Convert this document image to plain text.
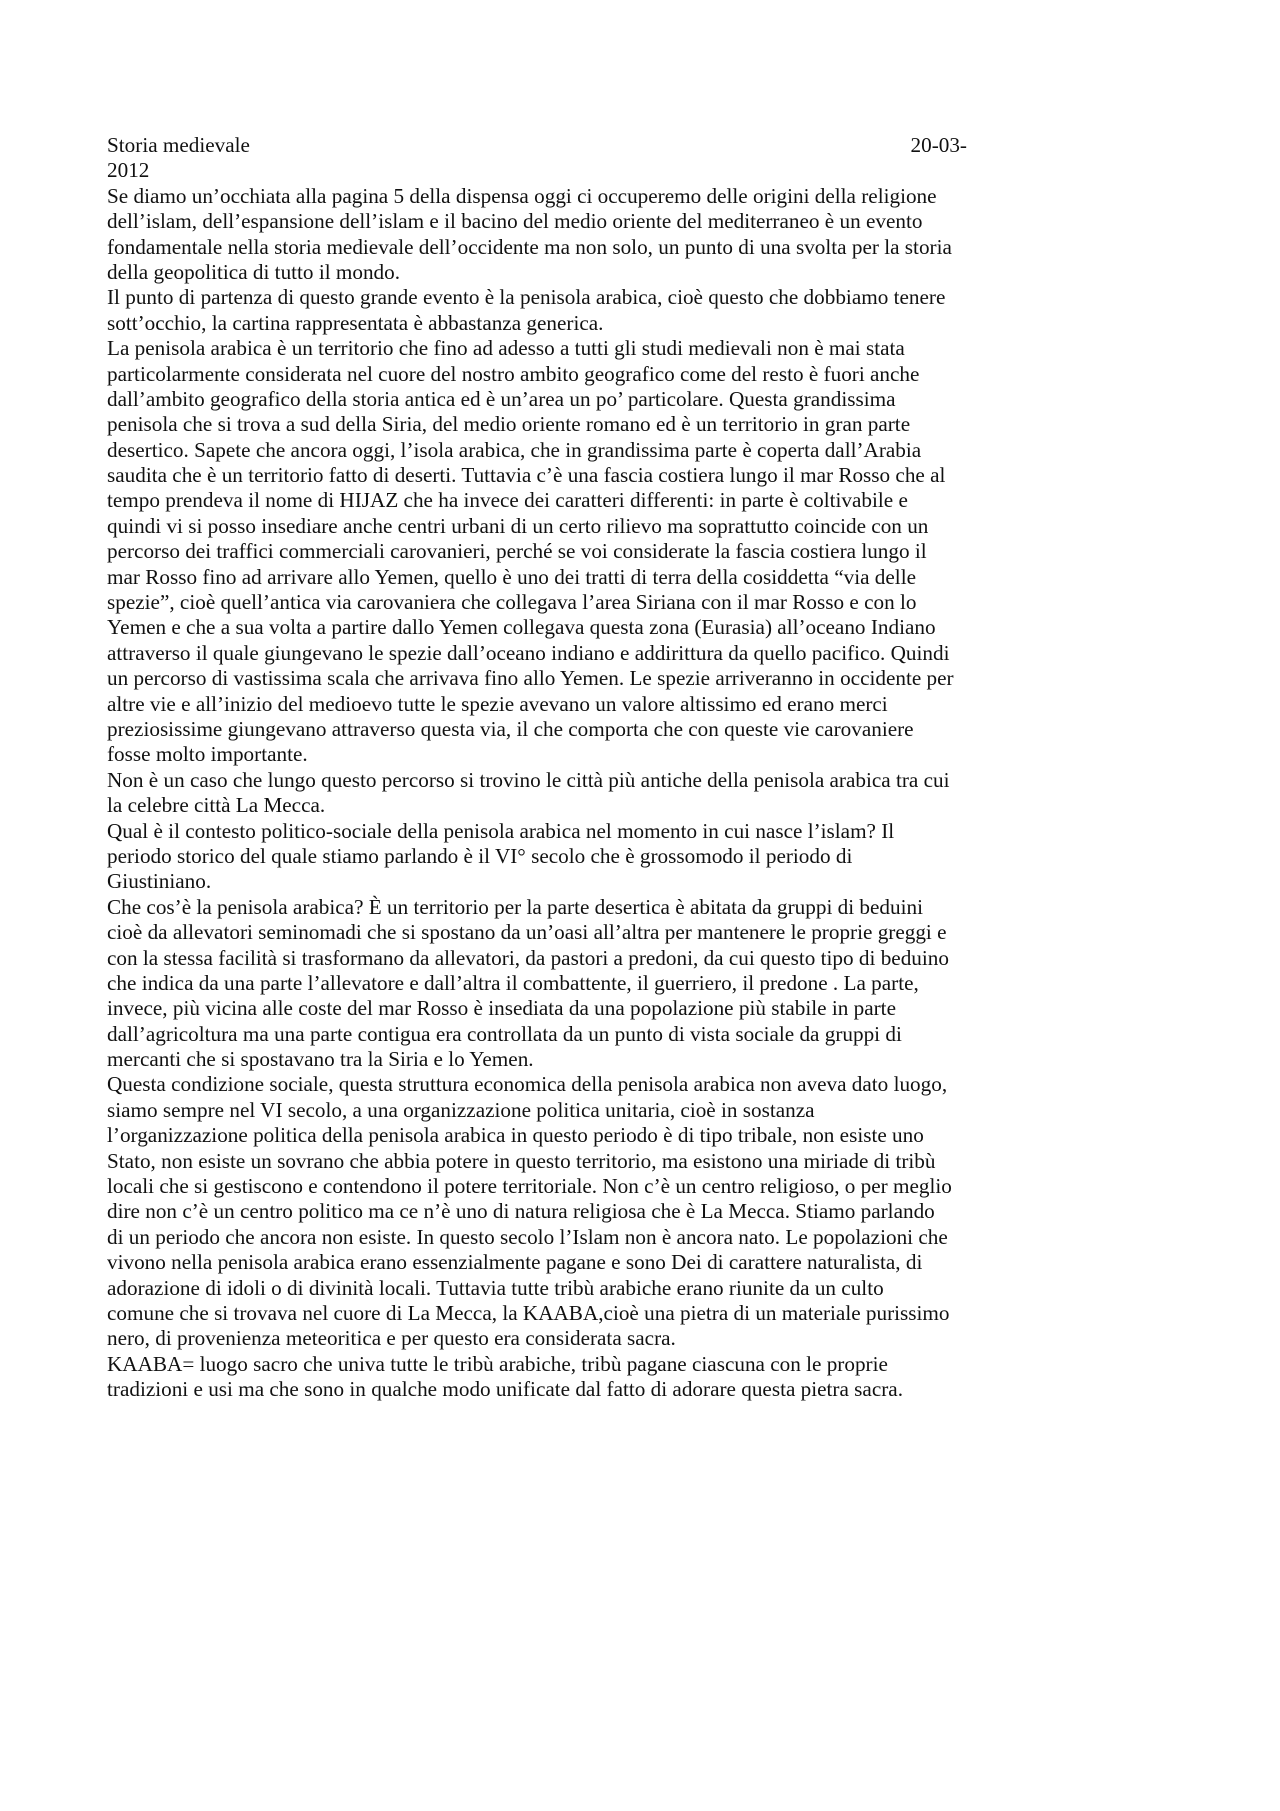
Storia medievale	20-03-
2012
Se diamo un’occhiata alla pagina 5 della dispensa oggi ci occuperemo delle origini della religione
dell’islam, dell’espansione dell’islam e il bacino del medio oriente del mediterraneo è un evento
fondamentale nella storia medievale dell’occidente ma non solo, un punto di una svolta per la storia
della geopolitica di tutto il mondo.
Il punto di partenza di questo grande evento è la penisola arabica, cioè questo che dobbiamo tenere
sott’occhio, la cartina rappresentata è abbastanza generica.
La penisola arabica è un territorio che fino ad adesso a tutti gli studi medievali non è mai stata
particolarmente considerata nel cuore del nostro ambito geografico come del resto è fuori anche
dall’ambito geografico della storia antica ed è un’area un po’ particolare. Questa grandissima
penisola che si trova a sud della Siria, del medio oriente romano ed è un territorio in gran parte
desertico. Sapete che ancora oggi, l’isola arabica, che in grandissima parte è coperta dall’Arabia
saudita che è un territorio fatto di deserti. Tuttavia c’è una fascia costiera lungo il mar Rosso che al
tempo prendeva il nome di HIJAZ che ha invece dei caratteri differenti: in parte è coltivabile e
quindi vi si posso insediare anche centri urbani di un certo rilievo ma soprattutto coincide con un
percorso dei traffici commerciali carovanieri, perché se voi considerate la fascia costiera lungo il
mar Rosso fino ad arrivare allo Yemen, quello è uno dei tratti di terra della cosiddetta “via delle
spezie”, cioè quell’antica via carovaniera che collegava l’area Siriana con il mar Rosso e con lo
Yemen e che a sua volta a partire dallo Yemen collegava questa zona (Eurasia) all’oceano Indiano
attraverso il quale giungevano le spezie dall’oceano indiano e addirittura da quello pacifico. Quindi
un percorso di vastissima scala che arrivava fino allo Yemen. Le spezie arriveranno in occidente per
altre vie e all’inizio del medioevo tutte le spezie avevano un valore altissimo ed erano merci
preziosissime giungevano attraverso questa via, il che comporta che con queste vie carovaniere
fosse molto importante.
Non è un caso che lungo questo percorso si trovino le città più antiche della penisola arabica tra cui
la celebre città La Mecca.
Qual è il contesto politico-sociale della penisola arabica nel momento in cui nasce l’islam? Il
periodo storico del quale stiamo parlando è il VI° secolo che è grossomodo il periodo di
Giustiniano.
Che cos’è la penisola arabica? È un territorio per la parte desertica è abitata da gruppi di beduini
cioè da allevatori seminomadi che si spostano da un’oasi all’altra per mantenere le proprie greggi e
con la stessa facilità si trasformano da allevatori, da pastori a predoni, da cui questo tipo di beduino
che indica da una parte l’allevatore e dall’altra il combattente, il guerriero, il predone . La parte,
invece, più vicina alle coste del mar Rosso è insediata da una popolazione più stabile in parte
dall’agricoltura ma una parte contigua era controllata da un punto di vista sociale da gruppi di
mercanti che si spostavano tra la Siria e lo Yemen.
Questa condizione sociale, questa struttura economica della penisola arabica non aveva dato luogo,
siamo sempre nel VI secolo, a una organizzazione politica unitaria, cioè in sostanza
l’organizzazione politica della penisola arabica in questo periodo è di tipo tribale, non esiste uno
Stato, non esiste un sovrano che abbia potere in questo territorio, ma esistono una miriade di tribù
locali che si gestiscono e contendono il potere territoriale. Non c’è un centro religioso, o per meglio
dire non c’è un centro politico ma ce n’è uno di natura religiosa che è La Mecca. Stiamo parlando
di un periodo che ancora non esiste. In questo secolo l’Islam non è ancora nato. Le popolazioni che
vivono nella penisola arabica erano essenzialmente pagane e sono Dei di carattere naturalista, di
adorazione di idoli o di divinità locali. Tuttavia tutte tribù arabiche erano riunite da un culto
comune che si trovava nel cuore di La Mecca, la KAABA,cioè una pietra di un materiale purissimo
nero, di provenienza meteoritica e per questo era considerata sacra.
KAABA= luogo sacro che univa tutte le tribù arabiche, tribù pagane ciascuna con le proprie
tradizioni e usi ma che sono in qualche modo unificate dal fatto di adorare questa pietra sacra.
